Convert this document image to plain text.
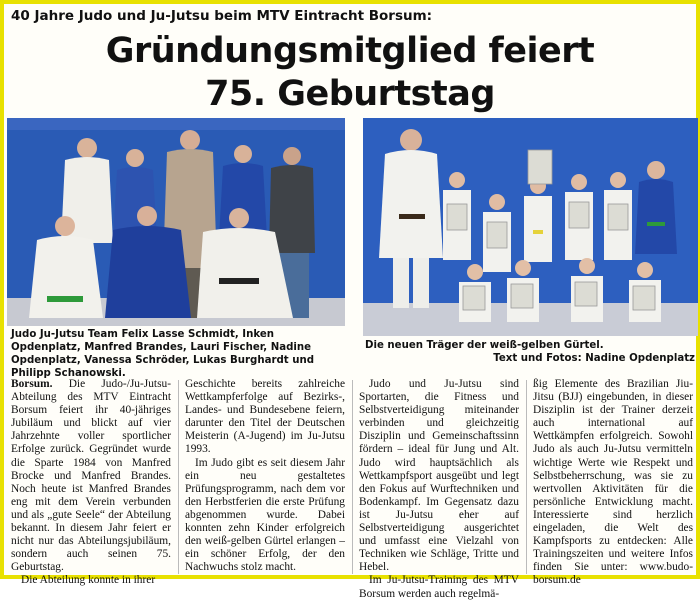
40 Jahre Judo und Ju-Jutsu beim MTV Eintracht Borsum:
Gründungsmitglied feiert
75. Geburtstag
Judo Ju-Jutsu Team Felix Lasse Schmidt, Inken Opdenplatz, Manfred Brandes, Lauri Fischer, Nadine Opdenplatz, Vanessa Schröder, Lukas Burghardt und Philipp Schanowski.
Die neuen Träger der weiß-gelben Gürtel.
Text und Fotos: Nadine Opdenplatz

Borsum. Die Judo-/Ju-Jutsu-Abteilung des MTV Eintracht Borsum feiert ihr 40-jähriges Jubiläum und blickt auf vier Jahrzehnte voller sportlicher Erfolge zurück. Gegründet wurde die Sparte 1984 von Manfred Brocke und Manfred Brandes. Noch heute ist Manfred Brandes eng mit dem Verein verbunden und als „gute Seele“ der Abteilung bekannt. In diesem Jahr feiert er nicht nur das Abteilungsjubiläum, sondern auch seinen 75. Geburtstag.

Die Abteilung konnte in ihrer

Geschichte bereits zahlreiche Wettkampferfolge auf Bezirks-, Landes- und Bundesebene feiern, darunter den Titel der Deutschen Meisterin (A-Jugend) im Ju-Jutsu 1993.

Im Judo gibt es seit diesem Jahr ein neu gestaltetes Prüfungsprogramm, nach dem vor den Herbstferien die erste Prüfung abgenommen wurde. Dabei konnten zehn Kinder erfolgreich den weiß-gelben Gürtel erlangen – ein schöner Erfolg, der den Nachwuchs stolz macht.

Judo und Ju-Jutsu sind Sportarten, die Fitness und Selbstverteidigung miteinander verbinden und gleichzeitig Disziplin und Gemeinschaftssinn fördern – ideal für Jung und Alt. Judo wird hauptsächlich als Wettkampfsport ausgeübt und legt den Fokus auf Wurftechniken und Bodenkampf. Im Gegensatz dazu ist Ju-Jutsu eher auf Selbstverteidigung ausgerichtet und umfasst eine Vielzahl von Techniken wie Schläge, Tritte und Hebel.

Im Ju-Jutsu-Training des MTV Borsum werden auch regelmä-

ßig Elemente des Brazilian Jiu-Jitsu (BJJ) eingebunden, in dieser Disziplin ist der Trainer derzeit auch international auf Wettkämpfen erfolgreich. Sowohl Judo als auch Ju-Jutsu vermitteln wichtige Werte wie Respekt und Selbstbeherrschung, was sie zu wertvollen Aktivitäten für die persönliche Entwicklung macht. Interessierte sind herzlich eingeladen, die Welt des Kampfsports zu entdecken: Alle Trainingszeiten und weitere Infos finden Sie unter: www.budo-borsum.de
